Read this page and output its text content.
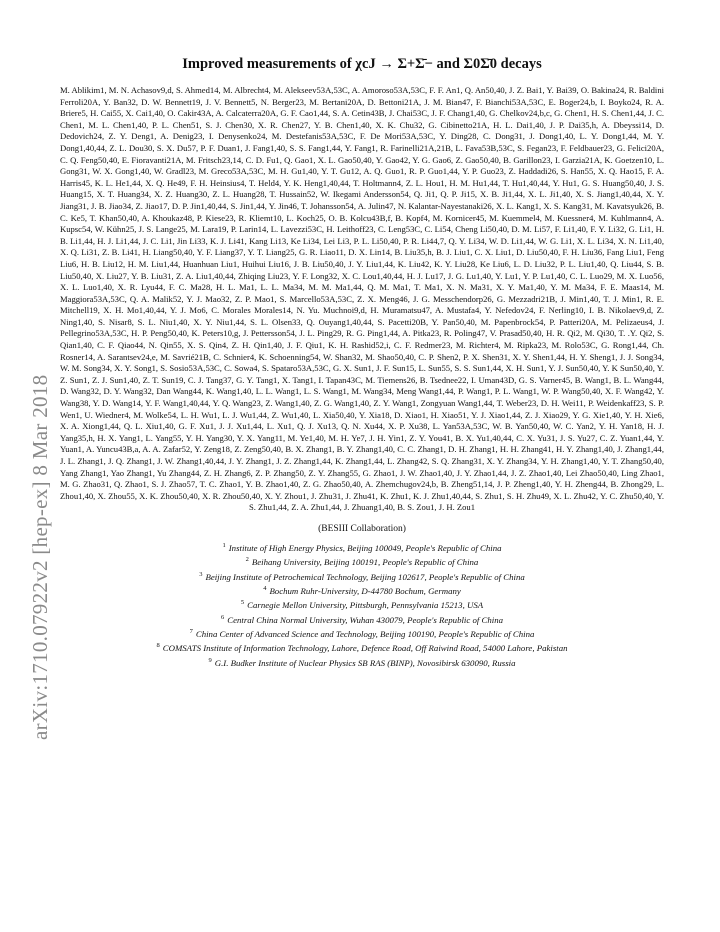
arXiv:1710.07922v2 [hep-ex] 8 Mar 2018
Improved measurements of χcJ → Σ+Σ̄− and Σ0Σ̄0 decays

M. Ablikim1, M. N. Achasov9,d, S. Ahmed14, M. Albrecht4, M. Alekseev53A,53C, A. Amoroso53A,53C, F. F. An1, Q. An50,40, J. Z. Bai1, Y. Bai39, O. Bakina24, R. Baldini Ferroli20A, Y. Ban32, D. W. Bennett19, J. V. Bennett5, N. Berger23, M. Bertani20A, D. Bettoni21A, J. M. Bian47, F. Bianchi53A,53C, E. Boger24,b, I. Boyko24, R. A. Briere5, H. Cai55, X. Cai1,40, O. Cakir43A, A. Calcaterra20A, G. F. Cao1,44, S. A. Cetin43B, J. Chai53C, J. F. Chang1,40, G. Chelkov24,b,c, G. Chen1, H. S. Chen1,44, J. C. Chen1, M. L. Chen1,40, P. L. Chen51, S. J. Chen30, X. R. Chen27, Y. B. Chen1,40, X. K. Chu32, G. Cibinetto21A, H. L. Dai1,40, J. P. Dai35,h, A. Dbeyssi14, D. Dedovich24, Z. Y. Deng1, A. Denig23, I. Denysenko24, M. Destefanis53A,53C, F. De Mori53A,53C, Y. Ding28, C. Dong31, J. Dong1,40, L. Y. Dong1,44, M. Y. Dong1,40,44, Z. L. Dou30, S. X. Du57, P. F. Duan1, J. Fang1,40, S. S. Fang1,44, Y. Fang1, R. Farinelli21A,21B, L. Fava53B,53C, S. Fegan23, F. Feldbauer23, G. Felici20A, C. Q. Feng50,40, E. Fioravanti21A, M. Fritsch23,14, C. D. Fu1, Q. Gao1, X. L. Gao50,40, Y. Gao42, Y. G. Gao6, Z. Gao50,40, B. Garillon23, I. Garzia21A, K. Goetzen10, L. Gong31, W. X. Gong1,40, W. Gradl23, M. Greco53A,53C, M. H. Gu1,40, Y. T. Gu12, A. Q. Guo1, R. P. Guo1,44, Y. P. Guo23, Z. Haddadi26, S. Han55, X. Q. Hao15, F. A. Harris45, K. L. He1,44, X. Q. He49, F. H. Heinsius4, T. Held4, Y. K. Heng1,40,44, T. Holtmann4, Z. L. Hou1, H. M. Hu1,44, T. Hu1,40,44, Y. Hu1, G. S. Huang50,40, J. S. Huang15, X. T. Huang34, X. Z. Huang30, Z. L. Huang28, T. Hussain52, W. Ikegami Andersson54, Q. Ji1, Q. P. Ji15, X. B. Ji1,44, X. L. Ji1,40, X. S. Jiang1,40,44, X. Y. Jiang31, J. B. Jiao34, Z. Jiao17, D. P. Jin1,40,44, S. Jin1,44, Y. Jin46, T. Johansson54, A. Julin47, N. Kalantar-Nayestanaki26, X. L. Kang1, X. S. Kang31, M. Kavatsyuk26, B. C. Ke5, T. Khan50,40, A. Khoukaz48, P. Kiese23, R. Kliemt10, L. Koch25, O. B. Kolcu43B,f, B. Kopf4, M. Kornicer45, M. Kuemmel4, M. Kuessner4, M. Kuhlmann4, A. Kupsc54, W. Kühn25, J. S. Lange25, M. Lara19, P. Larin14, L. Lavezzi53C, H. Leithoff23, C. Leng53C, C. Li54, Cheng Li50,40, D. M. Li57, F. Li1,40, F. Y. Li32, G. Li1, H. B. Li1,44, H. J. Li1,44, J. C. Li1, Jin Li33, K. J. Li41, Kang Li13, Ke Li34, Lei Li3, P. L. Li50,40, P. R. Li44,7, Q. Y. Li34, W. D. Li1,44, W. G. Li1, X. L. Li34, X. N. Li1,40, X. Q. Li31, Z. B. Li41, H. Liang50,40, Y. F. Liang37, Y. T. Liang25, G. R. Liao11, D. X. Lin14, B. Liu35,h, B. J. Liu1, C. X. Liu1, D. Liu50,40, F. H. Liu36, Fang Liu1, Feng Liu6, H. B. Liu12, H. M. Liu1,44, Huanhuan Liu1, Huihui Liu16, J. B. Liu50,40, J. Y. Liu1,44, K. Liu42, K. Y. Liu28, Ke Liu6, L. D. Liu32, P. L. Liu1,40, Q. Liu44, S. B. Liu50,40, X. Liu27, Y. B. Liu31, Z. A. Liu1,40,44, Zhiqing Liu23, Y. F. Long32, X. C. Lou1,40,44, H. J. Lu17, J. G. Lu1,40, Y. Lu1, Y. P. Lu1,40, C. L. Luo29, M. X. Luo56, X. L. Luo1,40, X. R. Lyu44, F. C. Ma28, H. L. Ma1, L. L. Ma34, M. M. Ma1,44, Q. M. Ma1, T. Ma1, X. N. Ma31, X. Y. Ma1,40, Y. M. Ma34, F. E. Maas14, M. Maggiora53A,53C, Q. A. Malik52, Y. J. Mao32, Z. P. Mao1, S. Marcello53A,53C, Z. X. Meng46, J. G. Messchendorp26, G. Mezzadri21B, J. Min1,40, T. J. Min1, R. E. Mitchell19, X. H. Mo1,40,44, Y. J. Mo6, C. Morales Morales14, N. Yu. Muchnoi9,d, H. Muramatsu47, A. Mustafa4, Y. Nefedov24, F. Nerling10, I. B. Nikolaev9,d, Z. Ning1,40, S. Nisar8, S. L. Niu1,40, X. Y. Niu1,44, S. L. Olsen33, Q. Ouyang1,40,44, S. Pacetti20B, Y. Pan50,40, M. Papenbrock54, P. Patteri20A, M. Pelizaeus4, J. Pellegrino53A,53C, H. P. Peng50,40, K. Peters10,g, J. Pettersson54, J. L. Ping29, R. G. Ping1,44, A. Pitka23, R. Poling47, V. Prasad50,40, H. R. Qi2, M. Qi30, T. .Y. Qi2, S. Qian1,40, C. F. Qiao44, N. Qin55, X. S. Qin4, Z. H. Qin1,40, J. F. Qiu1, K. H. Rashid52,i, C. F. Redmer23, M. Richter4, M. Ripka23, M. Rolo53C, G. Rong1,44, Ch. Rosner14, A. Sarantsev24,e, M. Savrié21B, C. Schnier4, K. Schoenning54, W. Shan32, M. Shao50,40, C. P. Shen2, P. X. Shen31, X. Y. Shen1,44, H. Y. Sheng1, J. J. Song34, W. M. Song34, X. Y. Song1, S. Sosio53A,53C, C. Sowa4, S. Spataro53A,53C, G. X. Sun1, J. F. Sun15, L. Sun55, S. S. Sun1,44, X. H. Sun1, Y. J. Sun50,40, Y. K Sun50,40, Y. Z. Sun1, Z. J. Sun1,40, Z. T. Sun19, C. J. Tang37, G. Y. Tang1, X. Tang1, I. Tapan43C, M. Tiemens26, B. Tsednee22, I. Uman43D, G. S. Varner45, B. Wang1, B. L. Wang44, D. Wang32, D. Y. Wang32, Dan Wang44, K. Wang1,40, L. L. Wang1, L. S. Wang1, M. Wang34, Meng Wang1,44, P. Wang1, P. L. Wang1, W. P. Wang50,40, X. F. Wang42, Y. Wang38, Y. D. Wang14, Y. F. Wang1,40,44, Y. Q. Wang23, Z. Wang1,40, Z. G. Wang1,40, Z. Y. Wang1, Zongyuan Wang1,44, T. Weber23, D. H. Wei11, P. Weidenkaff23, S. P. Wen1, U. Wiedner4, M. Wolke54, L. H. Wu1, L. J. Wu1,44, Z. Wu1,40, L. Xia50,40, Y. Xia18, D. Xiao1, H. Xiao51, Y. J. Xiao1,44, Z. J. Xiao29, Y. G. Xie1,40, Y. H. Xie6, X. A. Xiong1,44, Q. L. Xiu1,40, G. F. Xu1, J. J. Xu1,44, L. Xu1, Q. J. Xu13, Q. N. Xu44, X. P. Xu38, L. Yan53A,53C, W. B. Yan50,40, W. C. Yan2, Y. H. Yan18, H. J. Yang35,h, H. X. Yang1, L. Yang55, Y. H. Yang30, Y. X. Yang11, M. Ye1,40, M. H. Ye7, J. H. Yin1, Z. Y. You41, B. X. Yu1,40,44, C. X. Yu31, J. S. Yu27, C. Z. Yuan1,44, Y. Yuan1, A. Yuncu43B,a, A. A. Zafar52, Y. Zeng18, Z. Zeng50,40, B. X. Zhang1, B. Y. Zhang1,40, C. C. Zhang1, D. H. Zhang1, H. H. Zhang41, H. Y. Zhang1,40, J. Zhang1,44, J. L. Zhang1, J. Q. Zhang1, J. W. Zhang1,40,44, J. Y. Zhang1, J. Z. Zhang1,44, K. Zhang1,44, L. Zhang42, S. Q. Zhang31, X. Y. Zhang34, Y. H. Zhang1,40, Y. T. Zhang50,40, Yang Zhang1, Yao Zhang1, Yu Zhang44, Z. H. Zhang6, Z. P. Zhang50, Z. Y. Zhang55, G. Zhao1, J. W. Zhao1,40, J. Y. Zhao1,44, J. Z. Zhao1,40, Lei Zhao50,40, Ling Zhao1, M. G. Zhao31, Q. Zhao1, S. J. Zhao57, T. C. Zhao1, Y. B. Zhao1,40, Z. G. Zhao50,40, A. Zhemchugov24,b, B. Zheng51,14, J. P. Zheng1,40, Y. H. Zheng44, B. Zhong29, L. Zhou1,40, X. Zhou55, X. K. Zhou50,40, X. R. Zhou50,40, X. Y. Zhou1, J. Zhu31, J. Zhu41, K. Zhu1, K. J. Zhu1,40,44, S. Zhu1, S. H. Zhu49, X. L. Zhu42, Y. C. Zhu50,40, Y. S. Zhu1,44, Z. A. Zhu1,44, J. Zhuang1,40, B. S. Zou1, J. H. Zou1

(BESIII Collaboration)
$^1$ Institute of High Energy Physics, Beijing 100049, People's Republic of China
$^2$ Beihang University, Beijing 100191, People's Republic of China
$^3$ Beijing Institute of Petrochemical Technology, Beijing 102617, People's Republic of China
$^4$ Bochum Ruhr-University, D-44780 Bochum, Germany
$^5$ Carnegie Mellon University, Pittsburgh, Pennsylvania 15213, USA
$^6$ Central China Normal University, Wuhan 430079, People's Republic of China
$^7$ China Center of Advanced Science and Technology, Beijing 100190, People's Republic of China
$^8$ COMSATS Institute of Information Technology, Lahore, Defence Road, Off Raiwind Road, 54000 Lahore, Pakistan
$^9$ G.I. Budker Institute of Nuclear Physics SB RAS (BINP), Novosibirsk 630090, Russia
